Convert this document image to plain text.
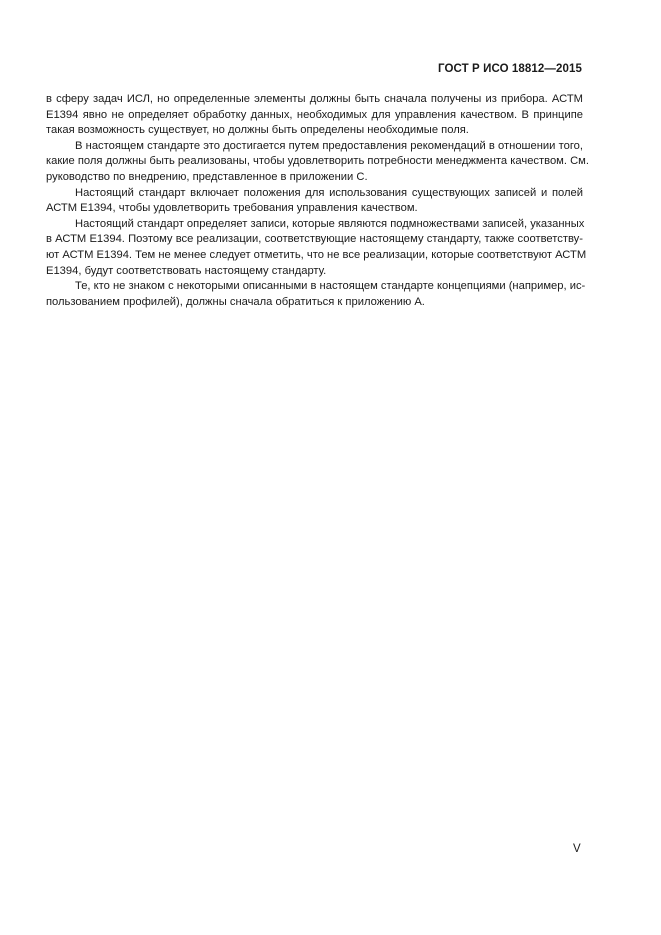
ГОСТ Р ИСО 18812—2015

в сферу задач ИСЛ, но определенные элементы должны быть сначала получены из прибора. АСТМ
Е1394 явно не определяет обработку данных, необходимых для управления качеством. В принципе
такая возможность существует, но должны быть определены необходимые поля.

В настоящем стандарте это достигается путем предоставления рекомендаций в отношении того,
какие поля должны быть реализованы, чтобы удовлетворить потребности менеджмента качеством. См.
руководство по внедрению, представленное в приложении С.

Настоящий стандарт включает положения для использования существующих записей и полей
АСТМ Е1394, чтобы удовлетворить требования управления качеством.

Настоящий стандарт определяет записи, которые являются подмножествами записей, указанных
в АСТМ Е1394. Поэтому все реализации, соответствующие настоящему стандарту, также соответству-
ют АСТМ Е1394. Тем не менее следует отметить, что не все реализации, которые соответствуют АСТМ
Е1394, будут соответствовать настоящему стандарту.

Те, кто не знаком с некоторыми описанными в настоящем стандарте концепциями (например, ис-
пользованием профилей), должны сначала обратиться к приложению А.

V
